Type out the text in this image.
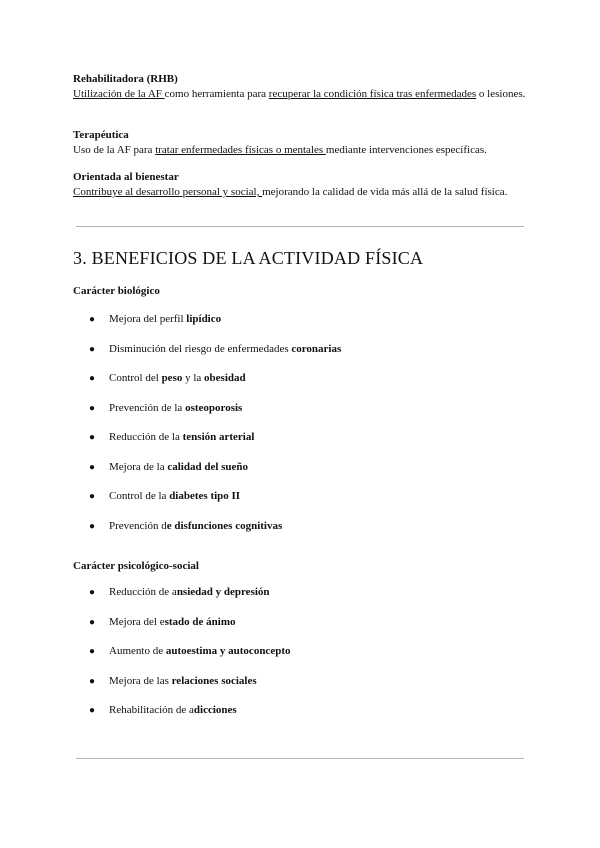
Rehabilitadora (RHB)
Utilización de la AF como herramienta para recuperar la condición física tras enfermedades o lesiones.
Terapéutica
Uso de la AF para tratar enfermedades físicas o mentales mediante intervenciones específicas.
Orientada al bienestar
Contribuye al desarrollo personal y social, mejorando la calidad de vida más allá de la salud física.
3. BENEFICIOS DE LA ACTIVIDAD FÍSICA
Carácter biológico
● Mejora del perfil lipídico
● Disminución del riesgo de enfermedades coronarias
● Control del peso y la obesidad
● Prevención de la osteoporosis
● Reducción de la tensión arterial
● Mejora de la calidad del sueño
● Control de la diabetes tipo II
● Prevención de disfunciones cognitivas
Carácter psicológico-social
● Reducción de ansiedad y depresión
● Mejora del estado de ánimo
● Aumento de autoestima y autoconcepto
● Mejora de las relaciones sociales
● Rehabilitación de adicciones
